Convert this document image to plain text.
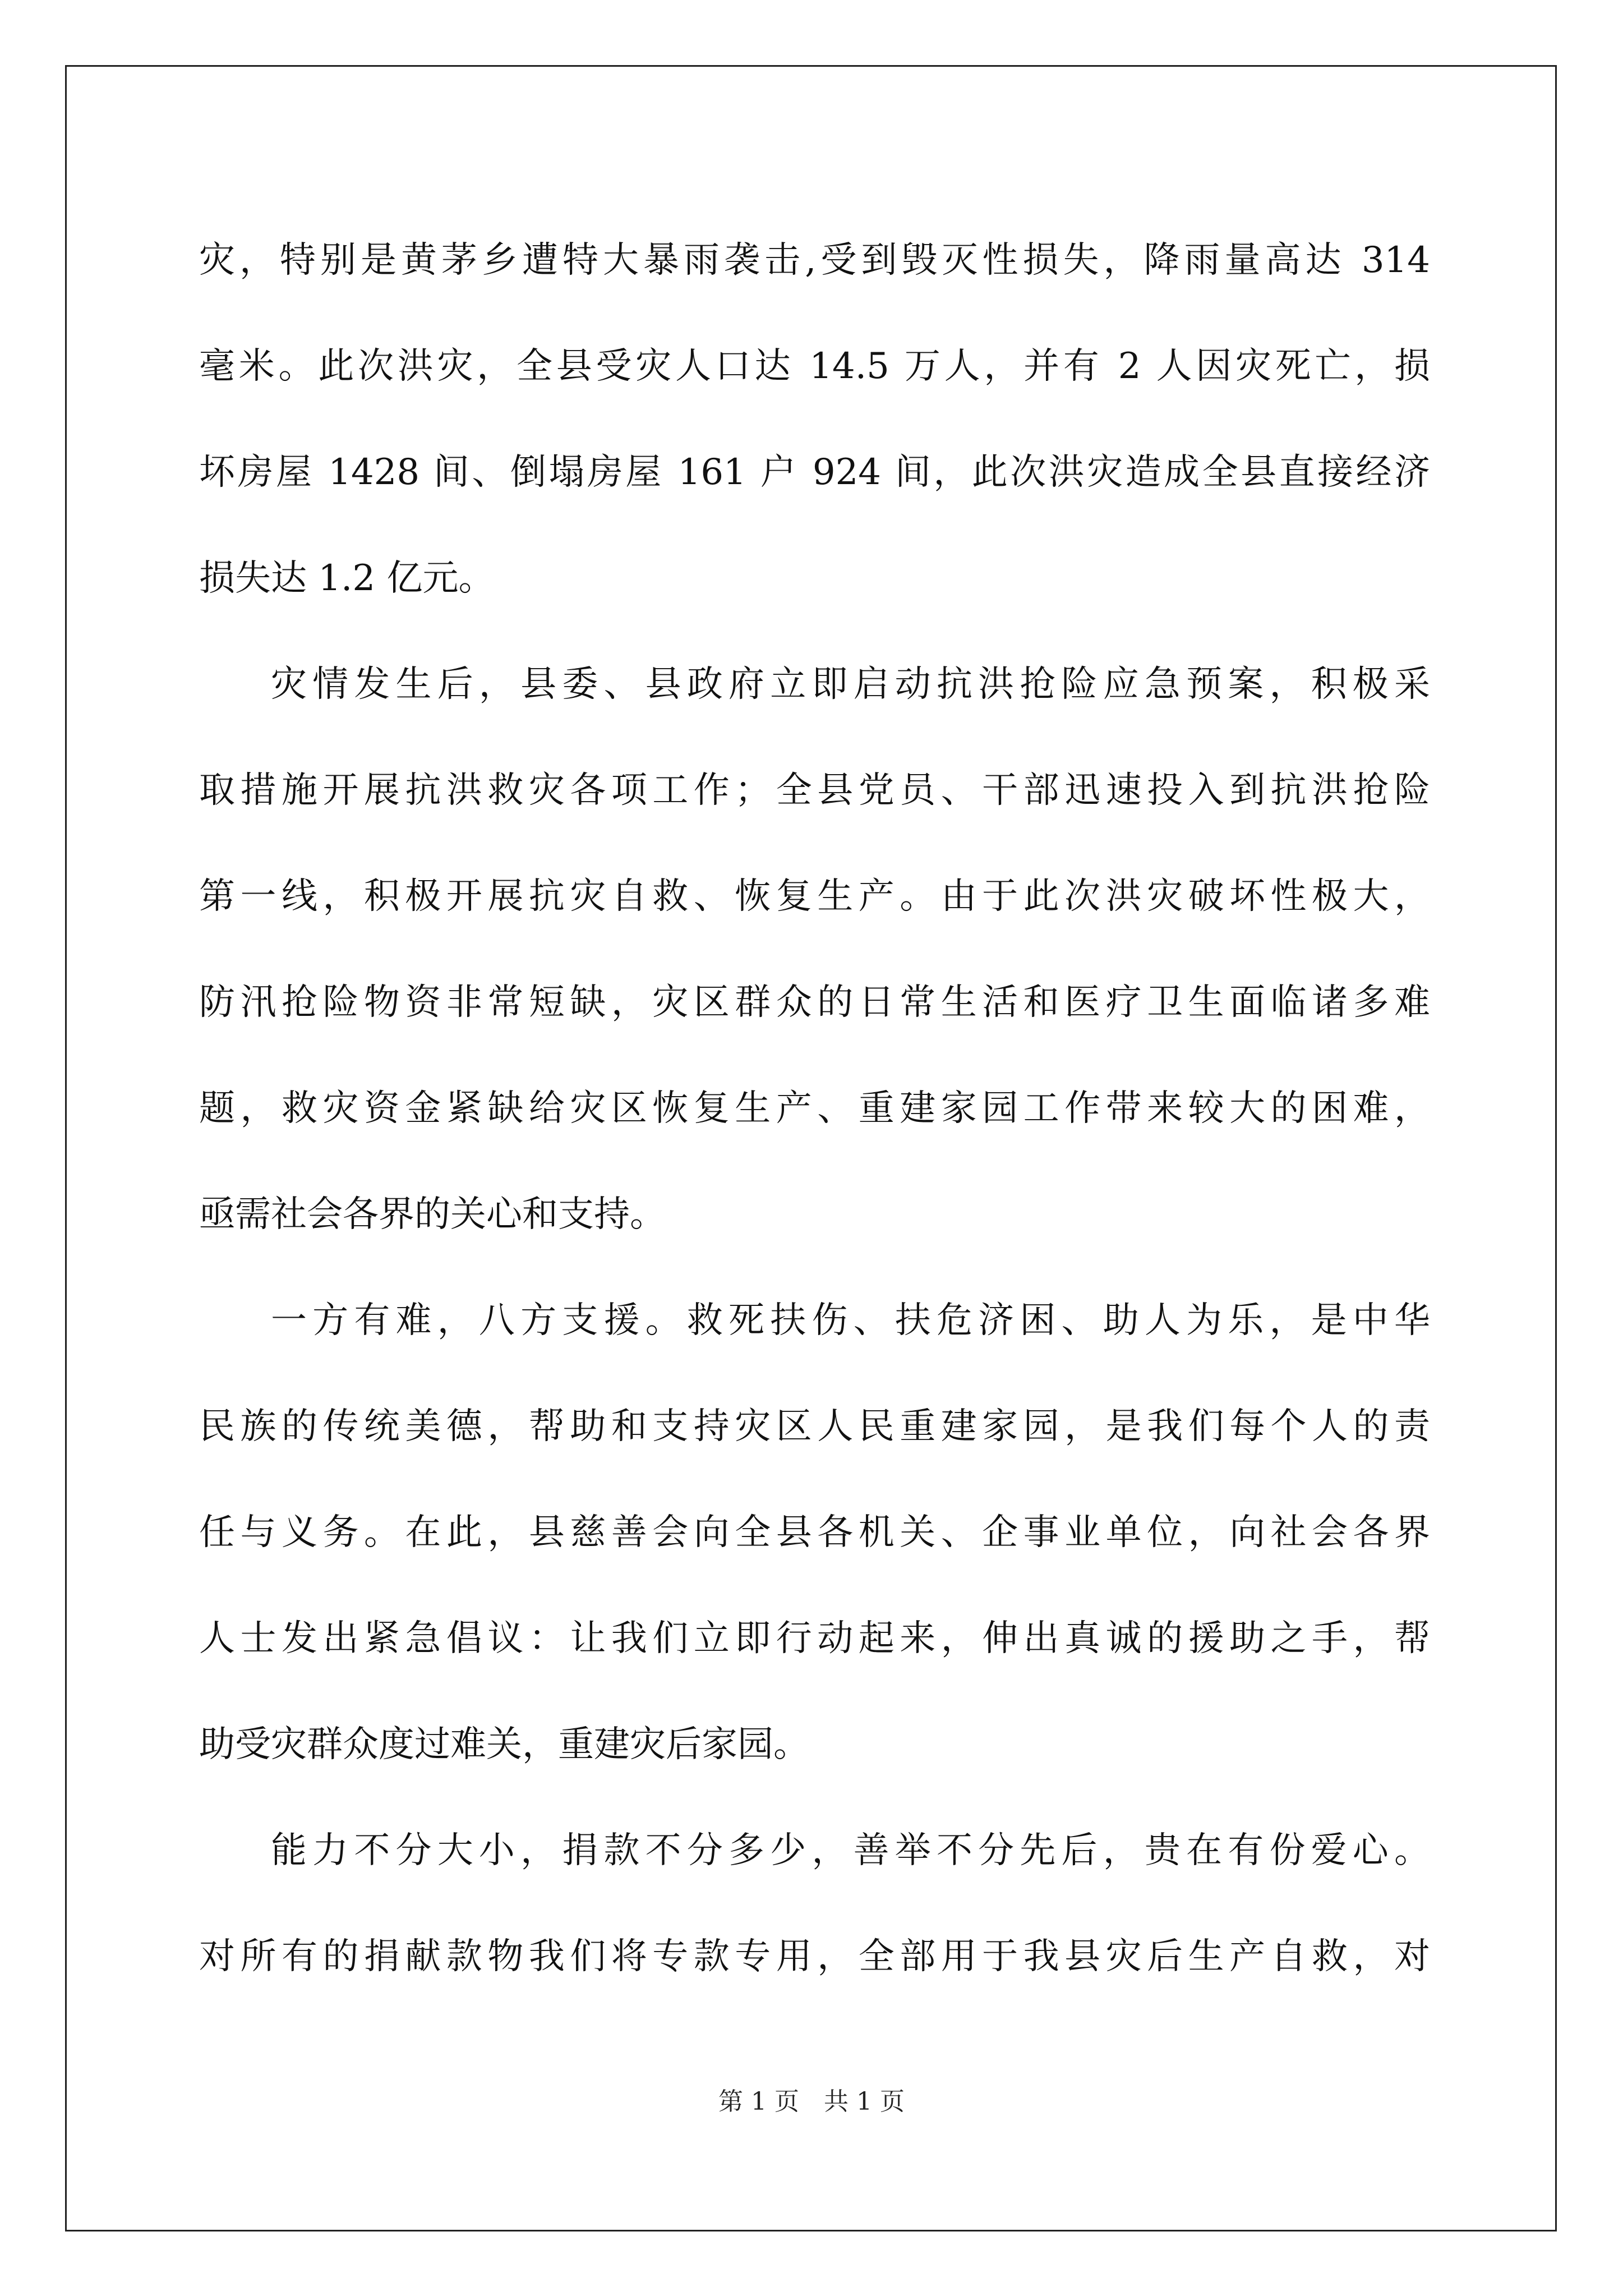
灾，特别是黄茅乡遭特大暴雨袭击,受到毁灭性损失，降雨量高达 314
毫米。此次洪灾，全县受灾人口达 14.5 万人，并有 2 人因灾死亡，损
坏房屋 1428 间、倒塌房屋 161 户 924 间，此次洪灾造成全县直接经济
损失达 1.2 亿元。
灾情发生后，县委、县政府立即启动抗洪抢险应急预案，积极采
取措施开展抗洪救灾各项工作；全县党员、干部迅速投入到抗洪抢险
第一线，积极开展抗灾自救、恢复生产。由于此次洪灾破坏性极大，
防汛抢险物资非常短缺，灾区群众的日常生活和医疗卫生面临诸多难
题，救灾资金紧缺给灾区恢复生产、重建家园工作带来较大的困难，
亟需社会各界的关心和支持。
一方有难，八方支援。救死扶伤、扶危济困、助人为乐，是中华
民族的传统美德，帮助和支持灾区人民重建家园，是我们每个人的责
任与义务。在此，县慈善会向全县各机关、企事业单位，向社会各界
人士发出紧急倡议：让我们立即行动起来，伸出真诚的援助之手，帮
助受灾群众度过难关，重建灾后家园。
能力不分大小，捐款不分多少，善举不分先后，贵在有份爱心。
对所有的捐献款物我们将专款专用，全部用于我县灾后生产自救，对
第 1 页　共 1 页
